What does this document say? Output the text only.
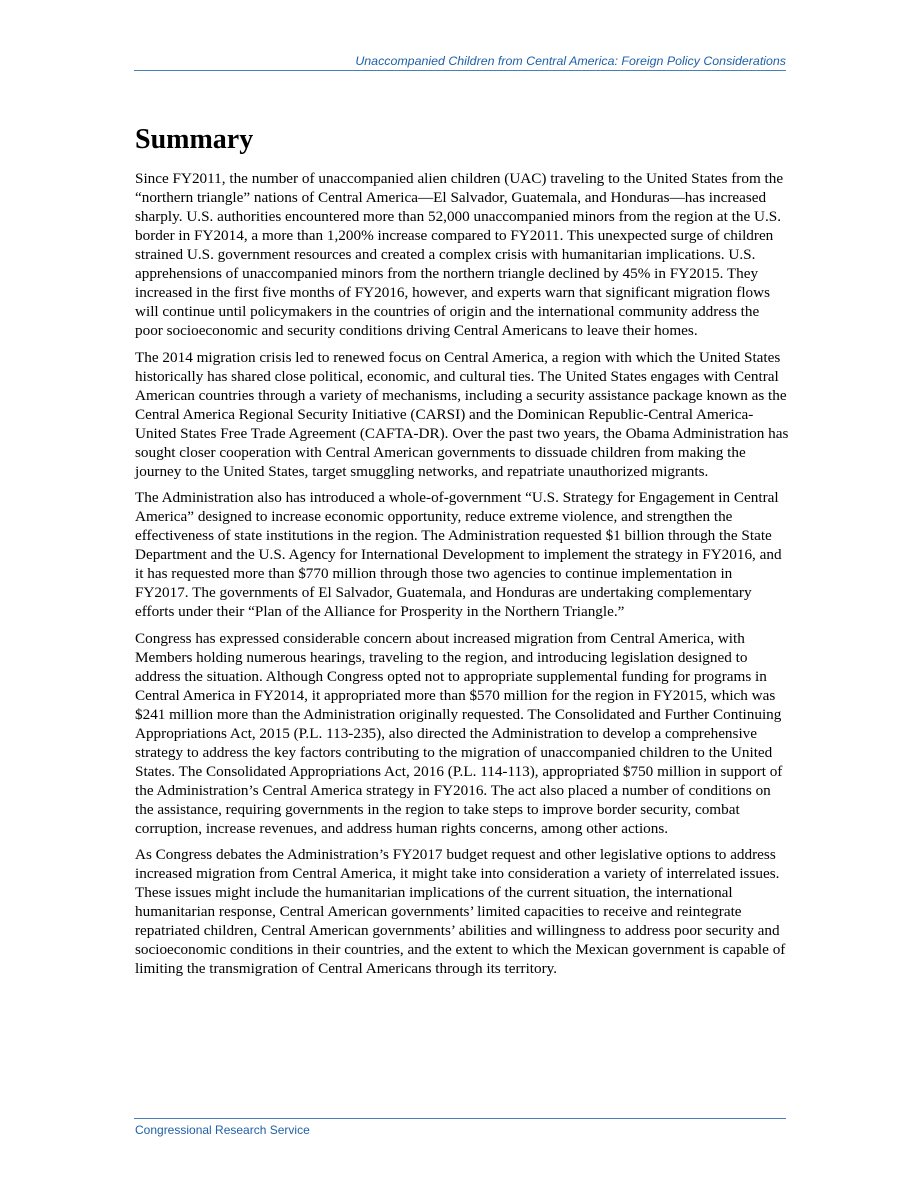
Unaccompanied Children from Central America: Foreign Policy Considerations
Summary

Since FY2011, the number of unaccompanied alien children (UAC) traveling to the United States from the “northern triangle” nations of Central America—El Salvador, Guatemala, and Honduras—has increased sharply. U.S. authorities encountered more than 52,000 unaccompanied minors from the region at the U.S. border in FY2014, a more than 1,200% increase compared to FY2011. This unexpected surge of children strained U.S. government resources and created a complex crisis with humanitarian implications. U.S. apprehensions of unaccompanied minors from the northern triangle declined by 45% in FY2015. They increased in the first five months of FY2016, however, and experts warn that significant migration flows will continue until policymakers in the countries of origin and the international community address the poor socioeconomic and security conditions driving Central Americans to leave their homes.

The 2014 migration crisis led to renewed focus on Central America, a region with which the United States historically has shared close political, economic, and cultural ties. The United States engages with Central American countries through a variety of mechanisms, including a security assistance package known as the Central America Regional Security Initiative (CARSI) and the Dominican Republic-Central America-United States Free Trade Agreement (CAFTA-DR). Over the past two years, the Obama Administration has sought closer cooperation with Central American governments to dissuade children from making the journey to the United States, target smuggling networks, and repatriate unauthorized migrants.

The Administration also has introduced a whole-of-government “U.S. Strategy for Engagement in Central America” designed to increase economic opportunity, reduce extreme violence, and strengthen the effectiveness of state institutions in the region. The Administration requested $1 billion through the State Department and the U.S. Agency for International Development to implement the strategy in FY2016, and it has requested more than $770 million through those two agencies to continue implementation in FY2017. The governments of El Salvador, Guatemala, and Honduras are undertaking complementary efforts under their “Plan of the Alliance for Prosperity in the Northern Triangle.”

Congress has expressed considerable concern about increased migration from Central America, with Members holding numerous hearings, traveling to the region, and introducing legislation designed to address the situation. Although Congress opted not to appropriate supplemental funding for programs in Central America in FY2014, it appropriated more than $570 million for the region in FY2015, which was $241 million more than the Administration originally requested. The Consolidated and Further Continuing Appropriations Act, 2015 (P.L. 113-235), also directed the Administration to develop a comprehensive strategy to address the key factors contributing to the migration of unaccompanied children to the United States. The Consolidated Appropriations Act, 2016 (P.L. 114-113), appropriated $750 million in support of the Administration’s Central America strategy in FY2016. The act also placed a number of conditions on the assistance, requiring governments in the region to take steps to improve border security, combat corruption, increase revenues, and address human rights concerns, among other actions.

As Congress debates the Administration’s FY2017 budget request and other legislative options to address increased migration from Central America, it might take into consideration a variety of interrelated issues. These issues might include the humanitarian implications of the current situation, the international humanitarian response, Central American governments’ limited capacities to receive and reintegrate repatriated children, Central American governments’ abilities and willingness to address poor security and socioeconomic conditions in their countries, and the extent to which the Mexican government is capable of limiting the transmigration of Central Americans through its territory.

Congressional Research Service
